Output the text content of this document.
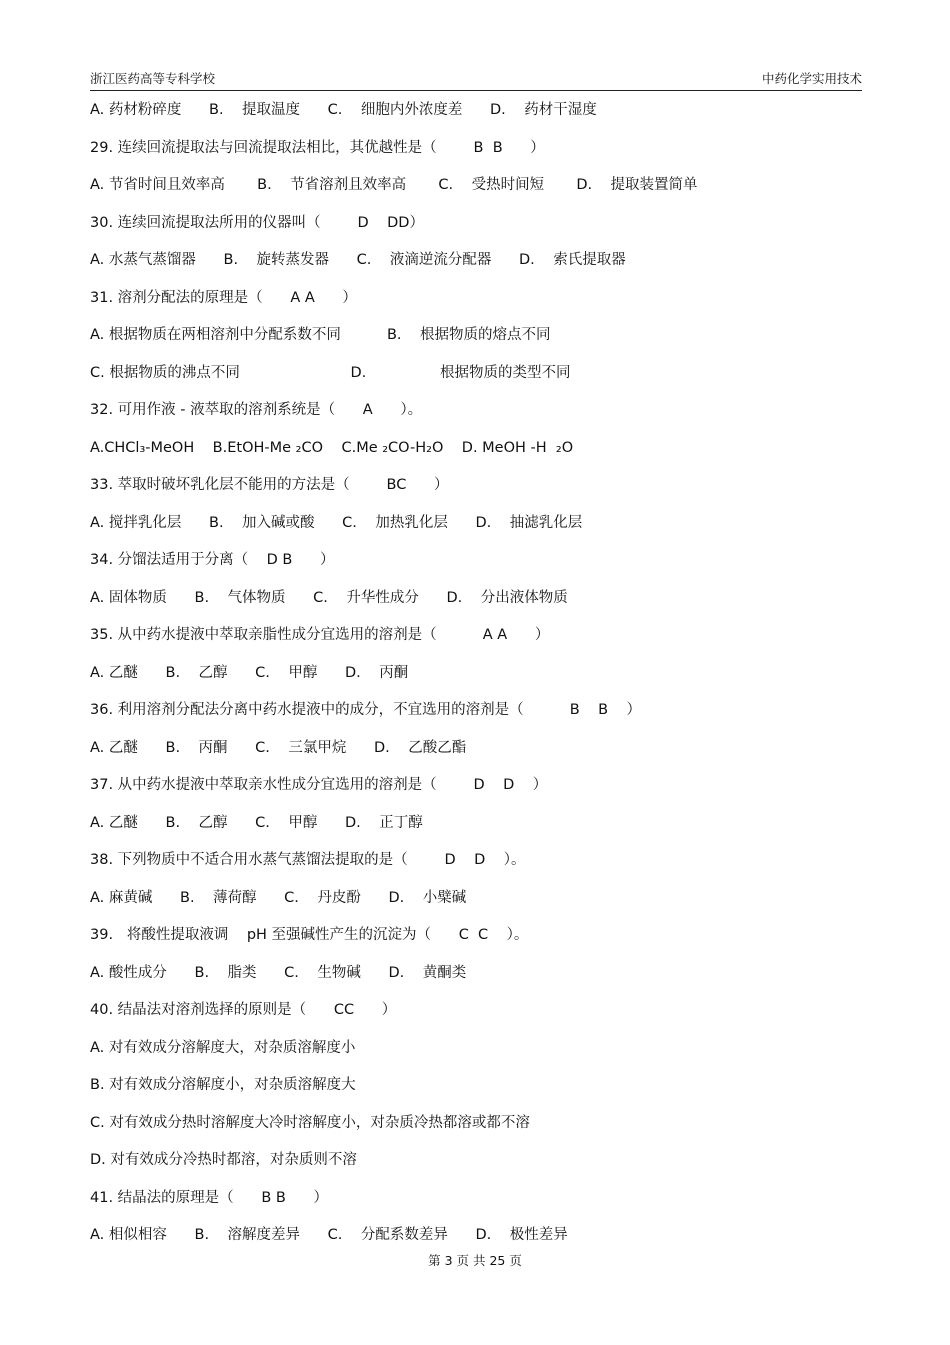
浙江医药高等专科学校	中药化学实用技术
A. 药材粉碎度      B.    提取温度      C.    细胞内外浓度差      D.    药材干湿度
29. 连续回流提取法与回流提取法相比，其优越性是（        B  B      ）
A. 节省时间且效率高       B.    节省溶剂且效率高       C.    受热时间短       D.    提取装置简单
30. 连续回流提取法所用的仪器叫（        D    DD）
A. 水蒸气蒸馏器      B.    旋转蒸发器      C.    液滴逆流分配器      D.    索氏提取器
31. 溶剂分配法的原理是（      A A      ）
A. 根据物质在两相溶剂中分配系数不同          B.    根据物质的熔点不同
C. 根据物质的沸点不同                        D.                根据物质的类型不同
32. 可用作液 - 液萃取的溶剂系统是（      A      ）。
A.CHCl₃-MeOH    B.EtOH-Me ₂CO    C.Me ₂CO-H₂O    D. MeOH -H  ₂O
33. 萃取时破坏乳化层不能用的方法是（        BC      ）
A. 搅拌乳化层      B.    加入碱或酸      C.    加热乳化层      D.    抽滤乳化层
34. 分馏法适用于分离（    D B      ）
A. 固体物质      B.    气体物质      C.    升华性成分      D.    分出液体物质
35. 从中药水提液中萃取亲脂性成分宜选用的溶剂是（          A A      ）
A. 乙醚      B.    乙醇      C.    甲醇      D.    丙酮
36. 利用溶剂分配法分离中药水提液中的成分，不宜选用的溶剂是（          B    B    ）
A. 乙醚      B.    丙酮      C.    三氯甲烷      D.    乙酸乙酯
37. 从中药水提液中萃取亲水性成分宜选用的溶剂是（        D    D    ）
A. 乙醚      B.    乙醇      C.    甲醇      D.    正丁醇
38. 下列物质中不适合用水蒸气蒸馏法提取的是（        D    D    ）。
A. 麻黄碱      B.    薄荷醇      C.    丹皮酚      D.    小檗碱
39.   将酸性提取液调    pH 至强碱性产生的沉淀为（      C  C    ）。
A. 酸性成分      B.    脂类      C.    生物碱      D.    黄酮类
40. 结晶法对溶剂选择的原则是（      CC      ）
A. 对有效成分溶解度大，对杂质溶解度小
B. 对有效成分溶解度小，对杂质溶解度大
C. 对有效成分热时溶解度大冷时溶解度小，对杂质冷热都溶或都不溶
D. 对有效成分冷热时都溶，对杂质则不溶
41. 结晶法的原理是（      B B      ）
A. 相似相容      B.    溶解度差异      C.    分配系数差异      D.    极性差异
第 3 页 共 25 页
